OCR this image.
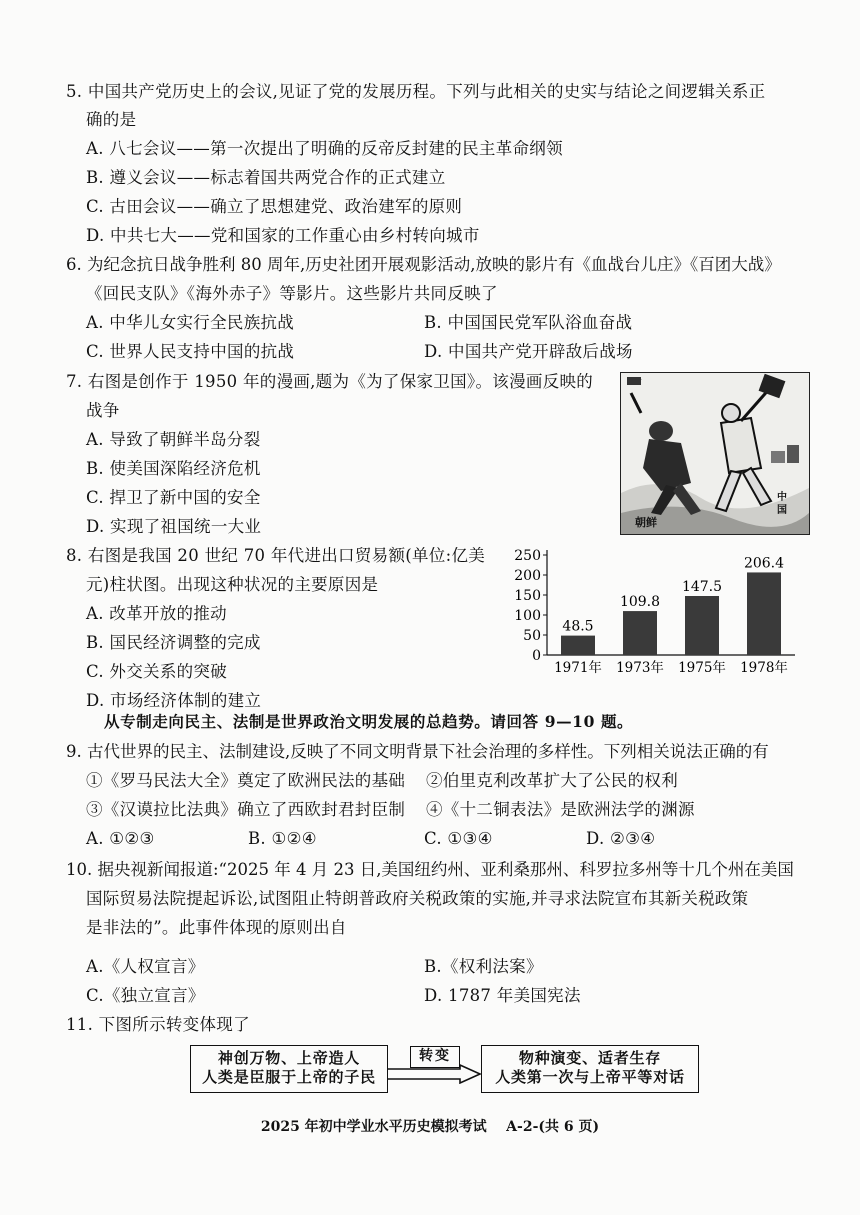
5. 中国共产党历史上的会议,见证了党的发展历程。下列与此相关的史实与结论之间逻辑关系正
确的是
A. 八七会议——第一次提出了明确的反帝反封建的民主革命纲领
B. 遵义会议——标志着国共两党合作的正式建立
C. 古田会议——确立了思想建党、政治建军的原则
D. 中共七大——党和国家的工作重心由乡村转向城市
6. 为纪念抗日战争胜利 80 周年,历史社团开展观影活动,放映的影片有《血战台儿庄》《百团大战》
《回民支队》《海外赤子》等影片。这些影片共同反映了
A. 中华儿女实行全民族抗战	B. 中国国民党军队浴血奋战
C. 世界人民支持中国的抗战	D. 中国共产党开辟敌后战场
7. 右图是创作于 1950 年的漫画,题为《为了保家卫国》。该漫画反映的
战争
A. 导致了朝鲜半岛分裂
B. 使美国深陷经济危机
C. 捍卫了新中国的安全
D. 实现了祖国统一大业	朝鲜
中国
8. 右图是我国 20 世纪 70 年代进出口贸易额(单位:亿美
元)柱状图。出现这种状况的主要原因是
A. 改革开放的推动
B. 国民经济调整的完成
C. 外交关系的突破
D. 市场经济体制的建立
250
200
150
100
50
0
48.5
1971年
109.8
1973年
147.5
1975年
206.4
1978年
从专制走向民主、法制是世界政治文明发展的总趋势。请回答 9—10 题。
9. 古代世界的民主、法制建设,反映了不同文明背景下社会治理的多样性。下列相关说法正确的有
①《罗马民法大全》奠定了欧洲民法的基础 ②伯里克利改革扩大了公民的权利
③《汉谟拉比法典》确立了西欧封君封臣制 ④《十二铜表法》是欧洲法学的渊源
A. ①②③	B. ①②④	C. ①③④	D. ②③④
10. 据央视新闻报道:“2025 年 4 月 23 日,美国纽约州、亚利桑那州、科罗拉多州等十几个州在美国
国际贸易法院提起诉讼,试图阻止特朗普政府关税政策的实施,并寻求法院宣布其新关税政策
是非法的”。此事件体现的原则出自
A.《人权宣言》	B.《权利法案》
C.《独立宣言》	D. 1787 年美国宪法
11. 下图所示转变体现了
神创万物、上帝造人
人类是臣服于上帝的子民
转变	物种演变、适者生存
人类第一次与上帝平等对话
2025 年初中学业水平历史模拟考试    A-2-(共 6 页)
